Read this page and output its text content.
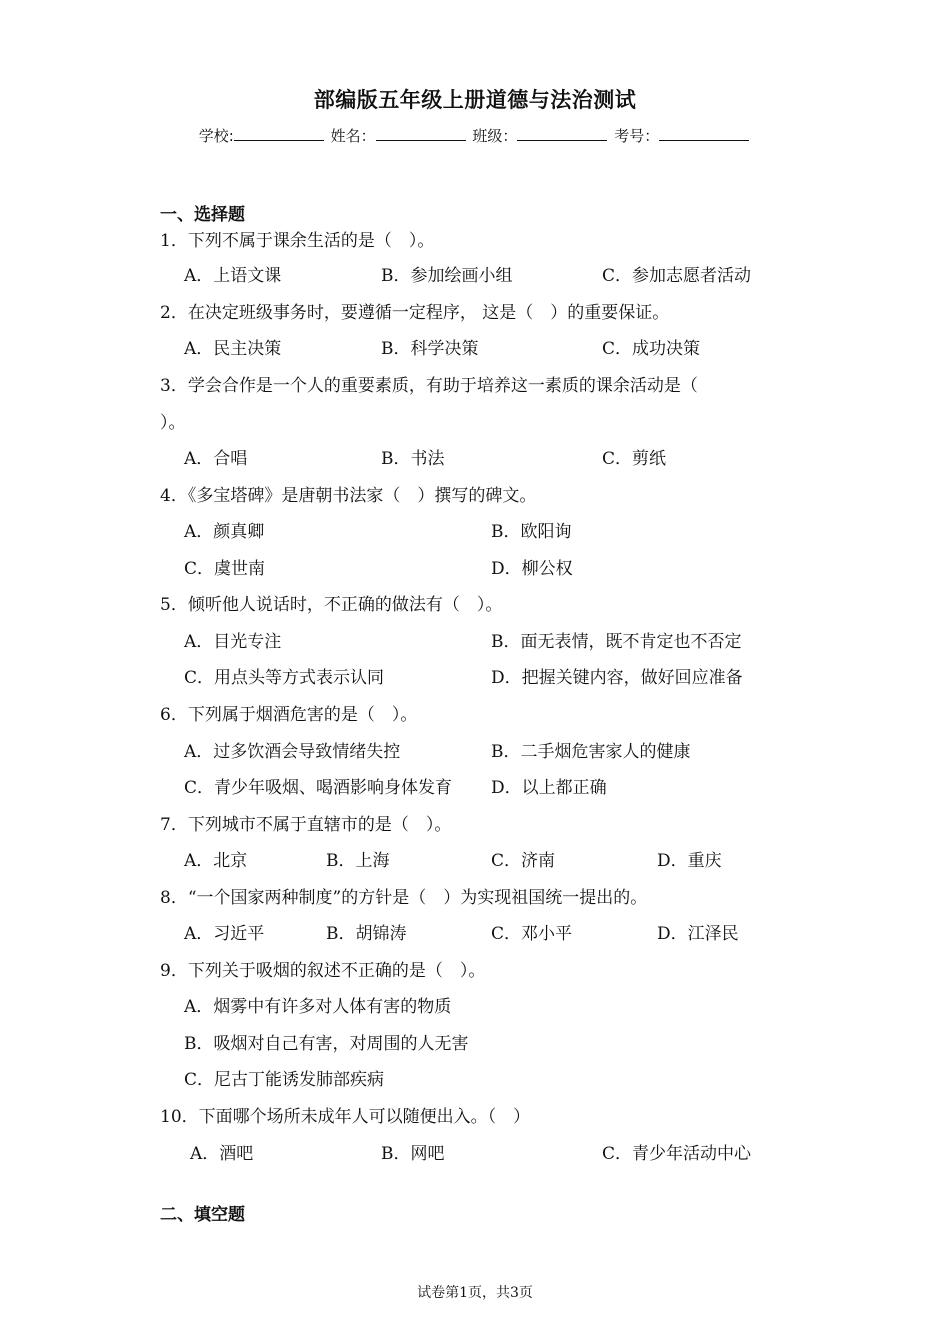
部编版五年级上册道德与法治测试
学校:	姓名：	班级：	考号：
一、选择题
1．下列不属于课余生活的是（　）。
A．上语文课	B．参加绘画小组	C．参加志愿者活动
2．在决定班级事务时，要遵循一定程序， 这是（　）的重要保证。
A．民主决策	B．科学决策	C．成功决策
3．学会合作是一个人的重要素质，有助于培养这一素质的课余活动是（
）。
A．合唱	B．书法	C．剪纸
4．《多宝塔碑》是唐朝书法家（　）撰写的碑文。
A．颜真卿	B．欧阳询
C．虞世南	D．柳公权
5．倾听他人说话时，不正确的做法有（　）。
A．目光专注	B．面无表情，既不肯定也不否定
C．用点头等方式表示认同	D．把握关键内容，做好回应准备
6．下列属于烟酒危害的是（　）。
A．过多饮酒会导致情绪失控	B．二手烟危害家人的健康
C．青少年吸烟、喝酒影响身体发育 D．以上都正确
7．下列城市不属于直辖市的是（　）。
A．北京	B．上海	C．济南	D．重庆
8．“一个国家两种制度”的方针是（　）为实现祖国统一提出的。
A．习近平	B．胡锦涛	C．邓小平	D．江泽民
9．下列关于吸烟的叙述不正确的是（　）。
A．烟雾中有许多对人体有害的物质
B．吸烟对自己有害，对周围的人无害
C．尼古丁能诱发肺部疾病
10．下面哪个场所未成年人可以随便出入。（　）
A．酒吧	B．网吧	C．青少年活动中心
二、填空题
试卷第1页，共3页
